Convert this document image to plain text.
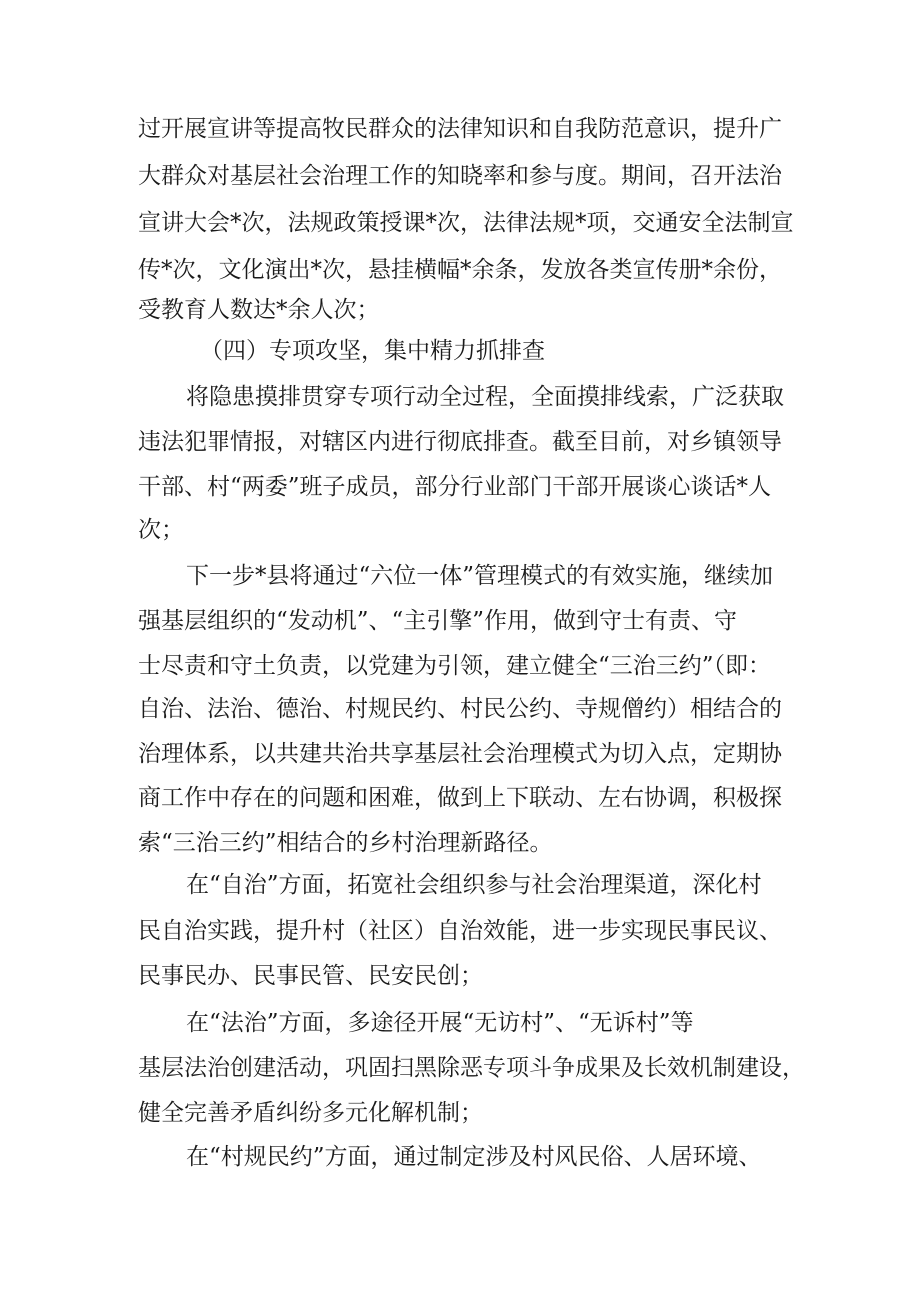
过开展宣讲等提高牧民群众的法律知识和自我防范意识，提升广
大群众对基层社会治理工作的知晓率和参与度。期间，召开法治
宣讲大会*次，法规政策授课*次，法律法规*项，交通安全法制宣
传*次，文化演出*次，悬挂横幅*余条，发放各类宣传册*余份，
受教育人数达*余人次；
（四）专项攻坚，集中精力抓排查
将隐患摸排贯穿专项行动全过程，全面摸排线索，广泛获取
违法犯罪情报，对辖区内进行彻底排查。截至目前，对乡镇领导
干部、村“两委”班子成员，部分行业部门干部开展谈心谈话*人
次；
下一步*县将通过“六位一体”管理模式的有效实施，继续加
强基层组织的“发动机”、“主引擎”作用，做到守士有责、守
士尽责和守土负责，以党建为引领，建立健全“三治三约”（即：
自治、法治、德治、村规民约、村民公约、寺规僧约）相结合的
治理体系，以共建共治共享基层社会治理模式为切入点，定期协
商工作中存在的问题和困难，做到上下联动、左右协调，积极探
索“三治三约”相结合的乡村治理新路径。
在“自治”方面，拓宽社会组织参与社会治理渠道，深化村
民自治实践，提升村（社区）自治效能，进一步实现民事民议、
民事民办、民事民管、民安民创；
在“法治”方面，多途径开展“无访村”、“无诉村”等
基层法治创建活动，巩固扫黑除恶专项斗争成果及长效机制建设，
健全完善矛盾纠纷多元化解机制；
在“村规民约”方面，通过制定涉及村风民俗、人居环境、
